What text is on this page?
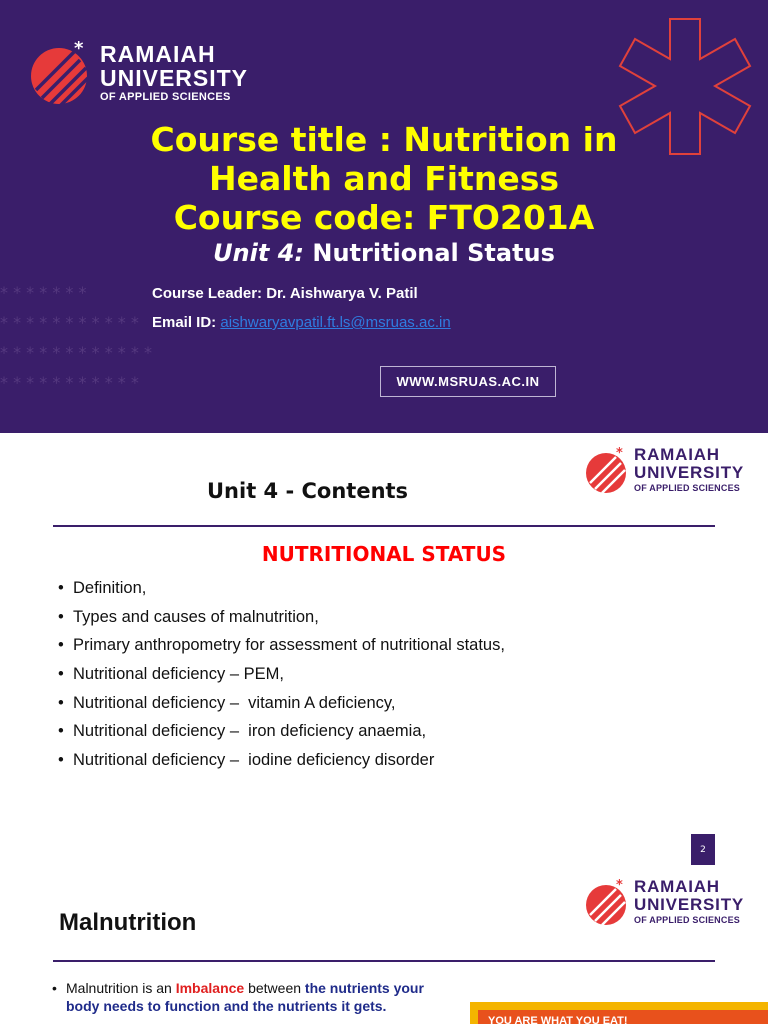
* * * * * * *
* * * * * * * * * * *
* * * * * * * * * * * *
* * * * * * * * * * *
* RAMAIAH
UNIVERSITY
OF APPLIED SCIENCES
Course title : Nutrition in
Health and Fitness
Course code: FTO201A
Unit 4: Nutritional Status
Course Leader: Dr. Aishwarya V. Patil
Email ID: aishwaryavpatil.ft.ls@msruas.ac.in
WWW.MSRUAS.AC.IN
* RAMAIAH
UNIVERSITY
OF APPLIED SCIENCES
Unit 4 - Contents
NUTRITIONAL STATUS
• Definition,
• Types and causes of malnutrition,
• Primary anthropometry for assessment of nutritional status,
• Nutritional deficiency – PEM,
• Nutritional deficiency –  vitamin A deficiency,
• Nutritional deficiency –  iron deficiency anaemia,
• Nutritional deficiency –  iodine deficiency disorder
2
* RAMAIAH
UNIVERSITY
OF APPLIED SCIENCES
Malnutrition
• Malnutrition is an Imbalance between the nutrients your
body needs to function and the nutrients it gets.
YOU ARE WHAT YOU EAT!
